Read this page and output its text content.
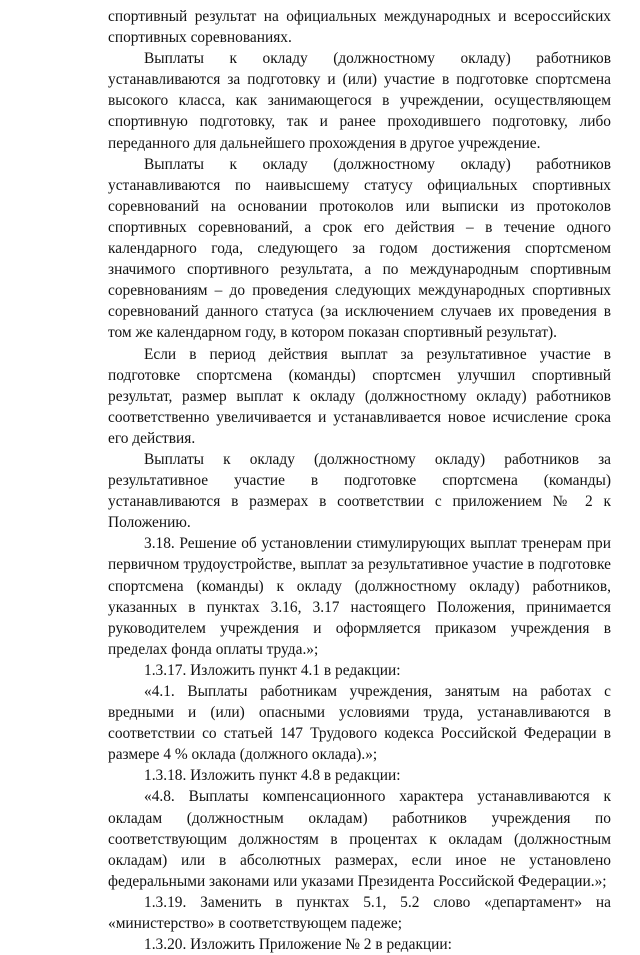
спортивный результат на официальных международных и всероссийских спортивных соревнованиях.

Выплаты к окладу (должностному окладу) работников устанавливаются за подготовку и (или) участие в подготовке спортсмена высокого класса, как занимающегося в учреждении, осуществляющем спортивную подготовку, так и ранее проходившего подготовку, либо переданного для дальнейшего прохождения в другое учреждение.

Выплаты к окладу (должностному окладу) работников устанавливаются по наивысшему статусу официальных спортивных соревнований на основании протоколов или выписки из протоколов спортивных соревнований, а срок его действия – в течение одного календарного года, следующего за годом достижения спортсменом значимого спортивного результата, а по международным спортивным соревнованиям – до проведения следующих международных спортивных соревнований данного статуса (за исключением случаев их проведения в том же календарном году, в котором показан спортивный результат).

Если в период действия выплат за результативное участие в подготовке спортсмена (команды) спортсмен улучшил спортивный результат, размер выплат к окладу (должностному окладу) работников соответственно увеличивается и устанавливается новое исчисление срока его действия.

Выплаты к окладу (должностному окладу) работников за результативное участие в подготовке спортсмена (команды) устанавливаются в размерах в соответствии с приложением № 2 к Положению.

3.18. Решение об установлении стимулирующих выплат тренерам при первичном трудоустройстве, выплат за результативное участие в подготовке спортсмена (команды) к окладу (должностному окладу) работников, указанных в пунктах 3.16, 3.17 настоящего Положения, принимается руководителем учреждения и оформляется приказом учреждения в пределах фонда оплаты труда.»;

1.3.17. Изложить пункт 4.1 в редакции:

«4.1. Выплаты работникам учреждения, занятым на работах с вредными и (или) опасными условиями труда, устанавливаются в соответствии со статьей 147 Трудового кодекса Российской Федерации в размере 4 % оклада (должного оклада).»;

1.3.18. Изложить пункт 4.8 в редакции:

«4.8. Выплаты компенсационного характера устанавливаются к окладам (должностным окладам) работников учреждения по соответствующим должностям в процентах к окладам (должностным окладам) или в абсолютных размерах, если иное не установлено федеральными законами или указами Президента Российской Федерации.»;

1.3.19. Заменить в пунктах 5.1, 5.2 слово «департамент» на «министерство» в соответствующем падеже;

1.3.20. Изложить Приложение № 2 в редакции:
